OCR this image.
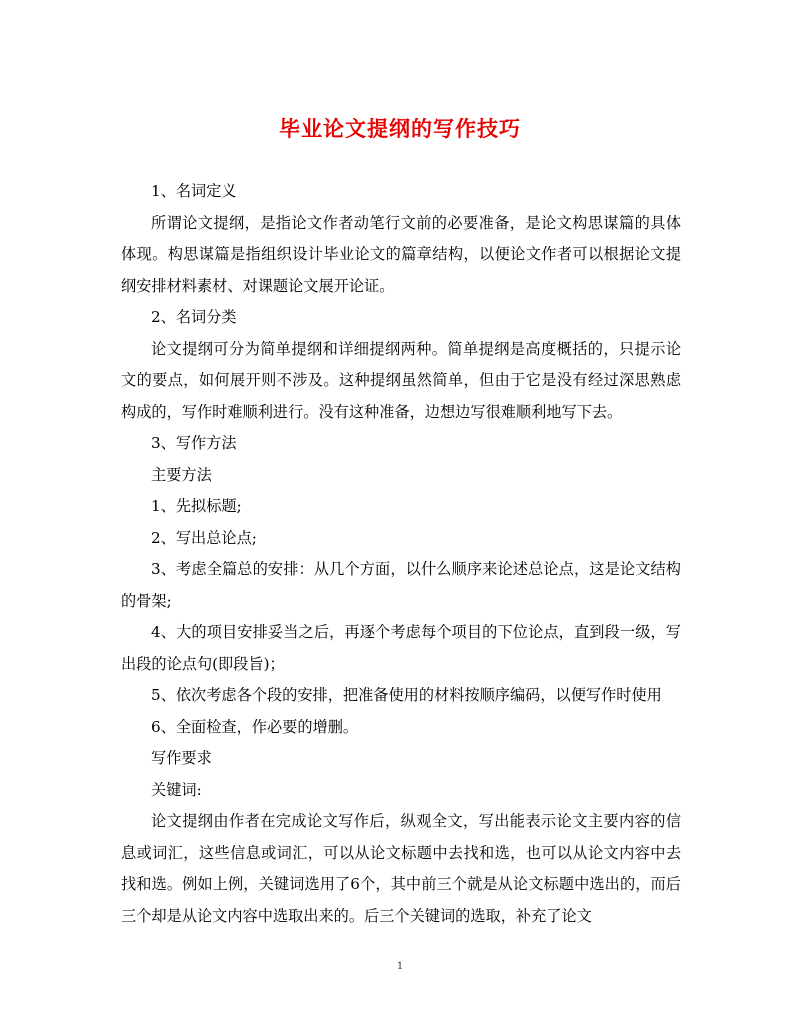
毕业论文提纲的写作技巧

1、名词定义

所谓论文提纲，是指论文作者动笔行文前的必要准备，是论文构思谋篇的具体体现。构思谋篇是指组织设计毕业论文的篇章结构，以便论文作者可以根据论文提纲安排材料素材、对课题论文展开论证。

2、名词分类

论文提纲可分为简单提纲和详细提纲两种。简单提纲是高度概括的，只提示论文的要点，如何展开则不涉及。这种提纲虽然简单，但由于它是没有经过深思熟虑构成的，写作时难顺利进行。没有这种准备，边想边写很难顺利地写下去。

3、写作方法

主要方法

1、先拟标题;

2、写出总论点;

3、考虑全篇总的安排：从几个方面，以什么顺序来论述总论点，这是论文结构的骨架;

4、大的项目安排妥当之后，再逐个考虑每个项目的下位论点，直到段一级，写出段的论点句(即段旨)；

5、依次考虑各个段的安排，把准备使用的材料按顺序编码，以便写作时使用

6、全面检查，作必要的增删。

写作要求

关键词:

论文提纲由作者在完成论文写作后，纵观全文，写出能表示论文主要内容的信息或词汇，这些信息或词汇，可以从论文标题中去找和选，也可以从论文内容中去找和选。例如上例，关键词选用了6个，其中前三个就是从论文标题中选出的，而后三个却是从论文内容中选取出来的。后三个关键词的选取，补充了论文

1
